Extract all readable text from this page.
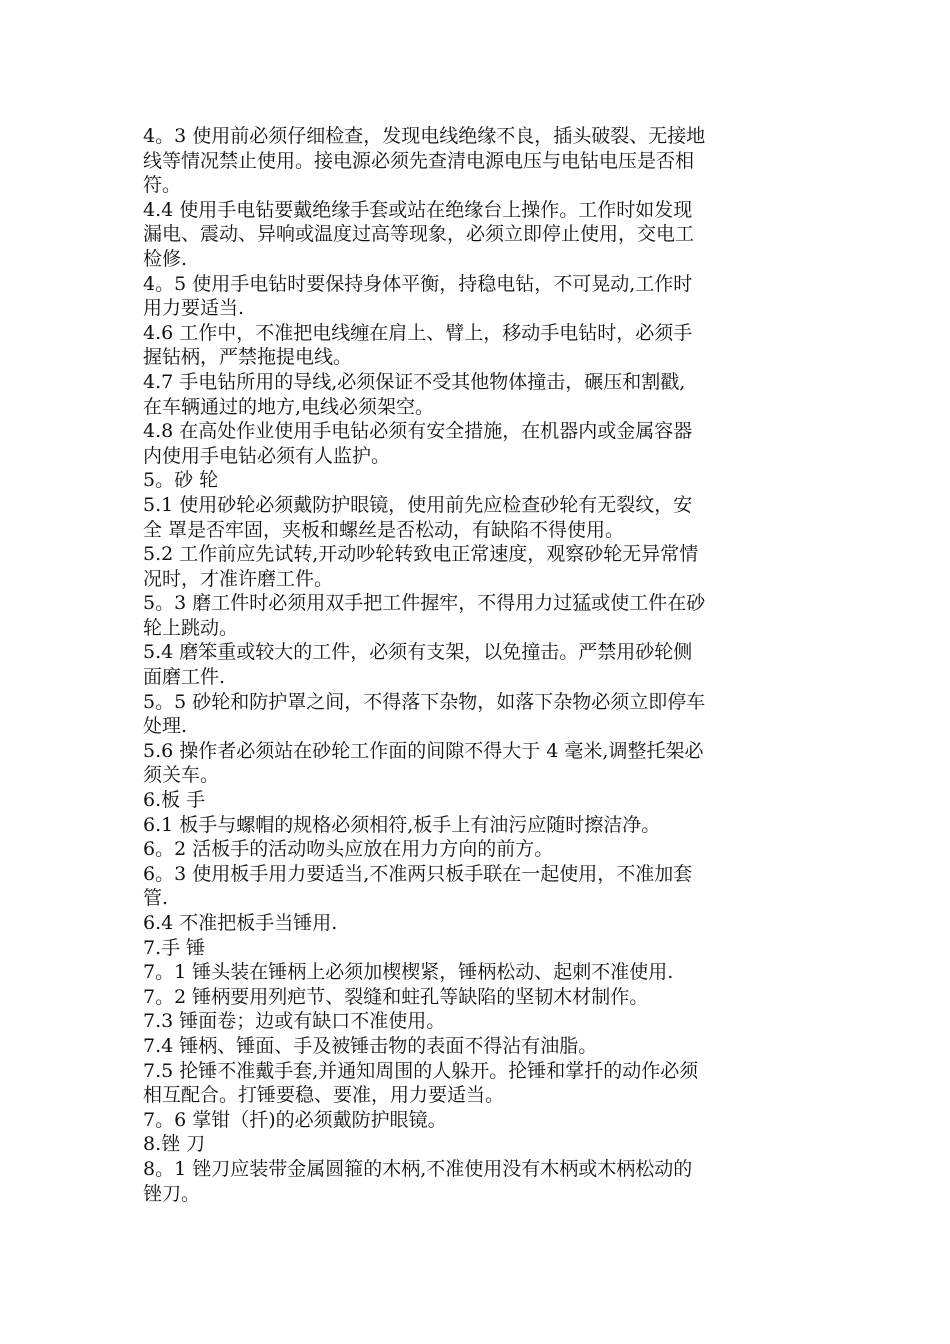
4。3 使用前必须仔细检查，发现电线绝缘不良，插头破裂、无接地
线等情况禁止使用。接电源必须先查清电源电压与电钻电压是否相
符。
4.4 使用手电钻要戴绝缘手套或站在绝缘台上操作。工作时如发现
漏电、震动、异响或温度过高等现象，必须立即停止使用，交电工
检修.
4。5 使用手电钻时要保持身体平衡，持稳电钻，不可晃动,工作时
用力要适当.
4.6 工作中，不准把电线缠在肩上、臂上，移动手电钻时，必须手
握钻柄，严禁拖提电线。
4.7 手电钻所用的导线,必须保证不受其他物体撞击，碾压和割戳,
在车辆通过的地方,电线必须架空。
4.8 在高处作业使用手电钻必须有安全措施，在机器内或金属容器
内使用手电钻必须有人监护。
5。砂 轮
5.1 使用砂轮必须戴防护眼镜，使用前先应检查砂轮有无裂纹，安
全 罩是否牢固，夹板和螺丝是否松动，有缺陷不得使用。
5.2 工作前应先试转,开动吵轮转致电正常速度，观察砂轮无异常情
况时，才准许磨工件。
5。3 磨工件时必须用双手把工件握牢，不得用力过猛或使工件在砂
轮上跳动。
5.4 磨笨重或较大的工件，必须有支架，以免撞击。严禁用砂轮侧
面磨工件.
5。5 砂轮和防护罩之间，不得落下杂物，如落下杂物必须立即停车
处理.
5.6 操作者必须站在砂轮工作面的间隙不得大于 4 毫米,调整托架必
须关车。
6.板 手
6.1 板手与螺帽的规格必须相符,板手上有油污应随时擦洁净。
6。2 活板手的活动吻头应放在用力方向的前方。
6。3 使用板手用力要适当,不准两只板手联在一起使用，不准加套
管.
6.4 不准把板手当锤用.
7.手 锤
7。1 锤头装在锤柄上必须加楔楔紧，锤柄松动、起刺不准使用.
7。2 锤柄要用列疤节、裂缝和蛀孔等缺陷的坚韧木材制作。
7.3 锤面卷；边或有缺口不准使用。
7.4 锤柄、锤面、手及被锤击物的表面不得沾有油脂。
7.5 抡锤不准戴手套,并通知周围的人躲开。抡锤和掌扦的动作必须
相互配合。打锤要稳、要准，用力要适当。
7。6 掌钳（扦)的必须戴防护眼镜。
8.锉 刀
8。1 锉刀应装带金属圆箍的木柄,不准使用没有木柄或木柄松动的
锉刀。
